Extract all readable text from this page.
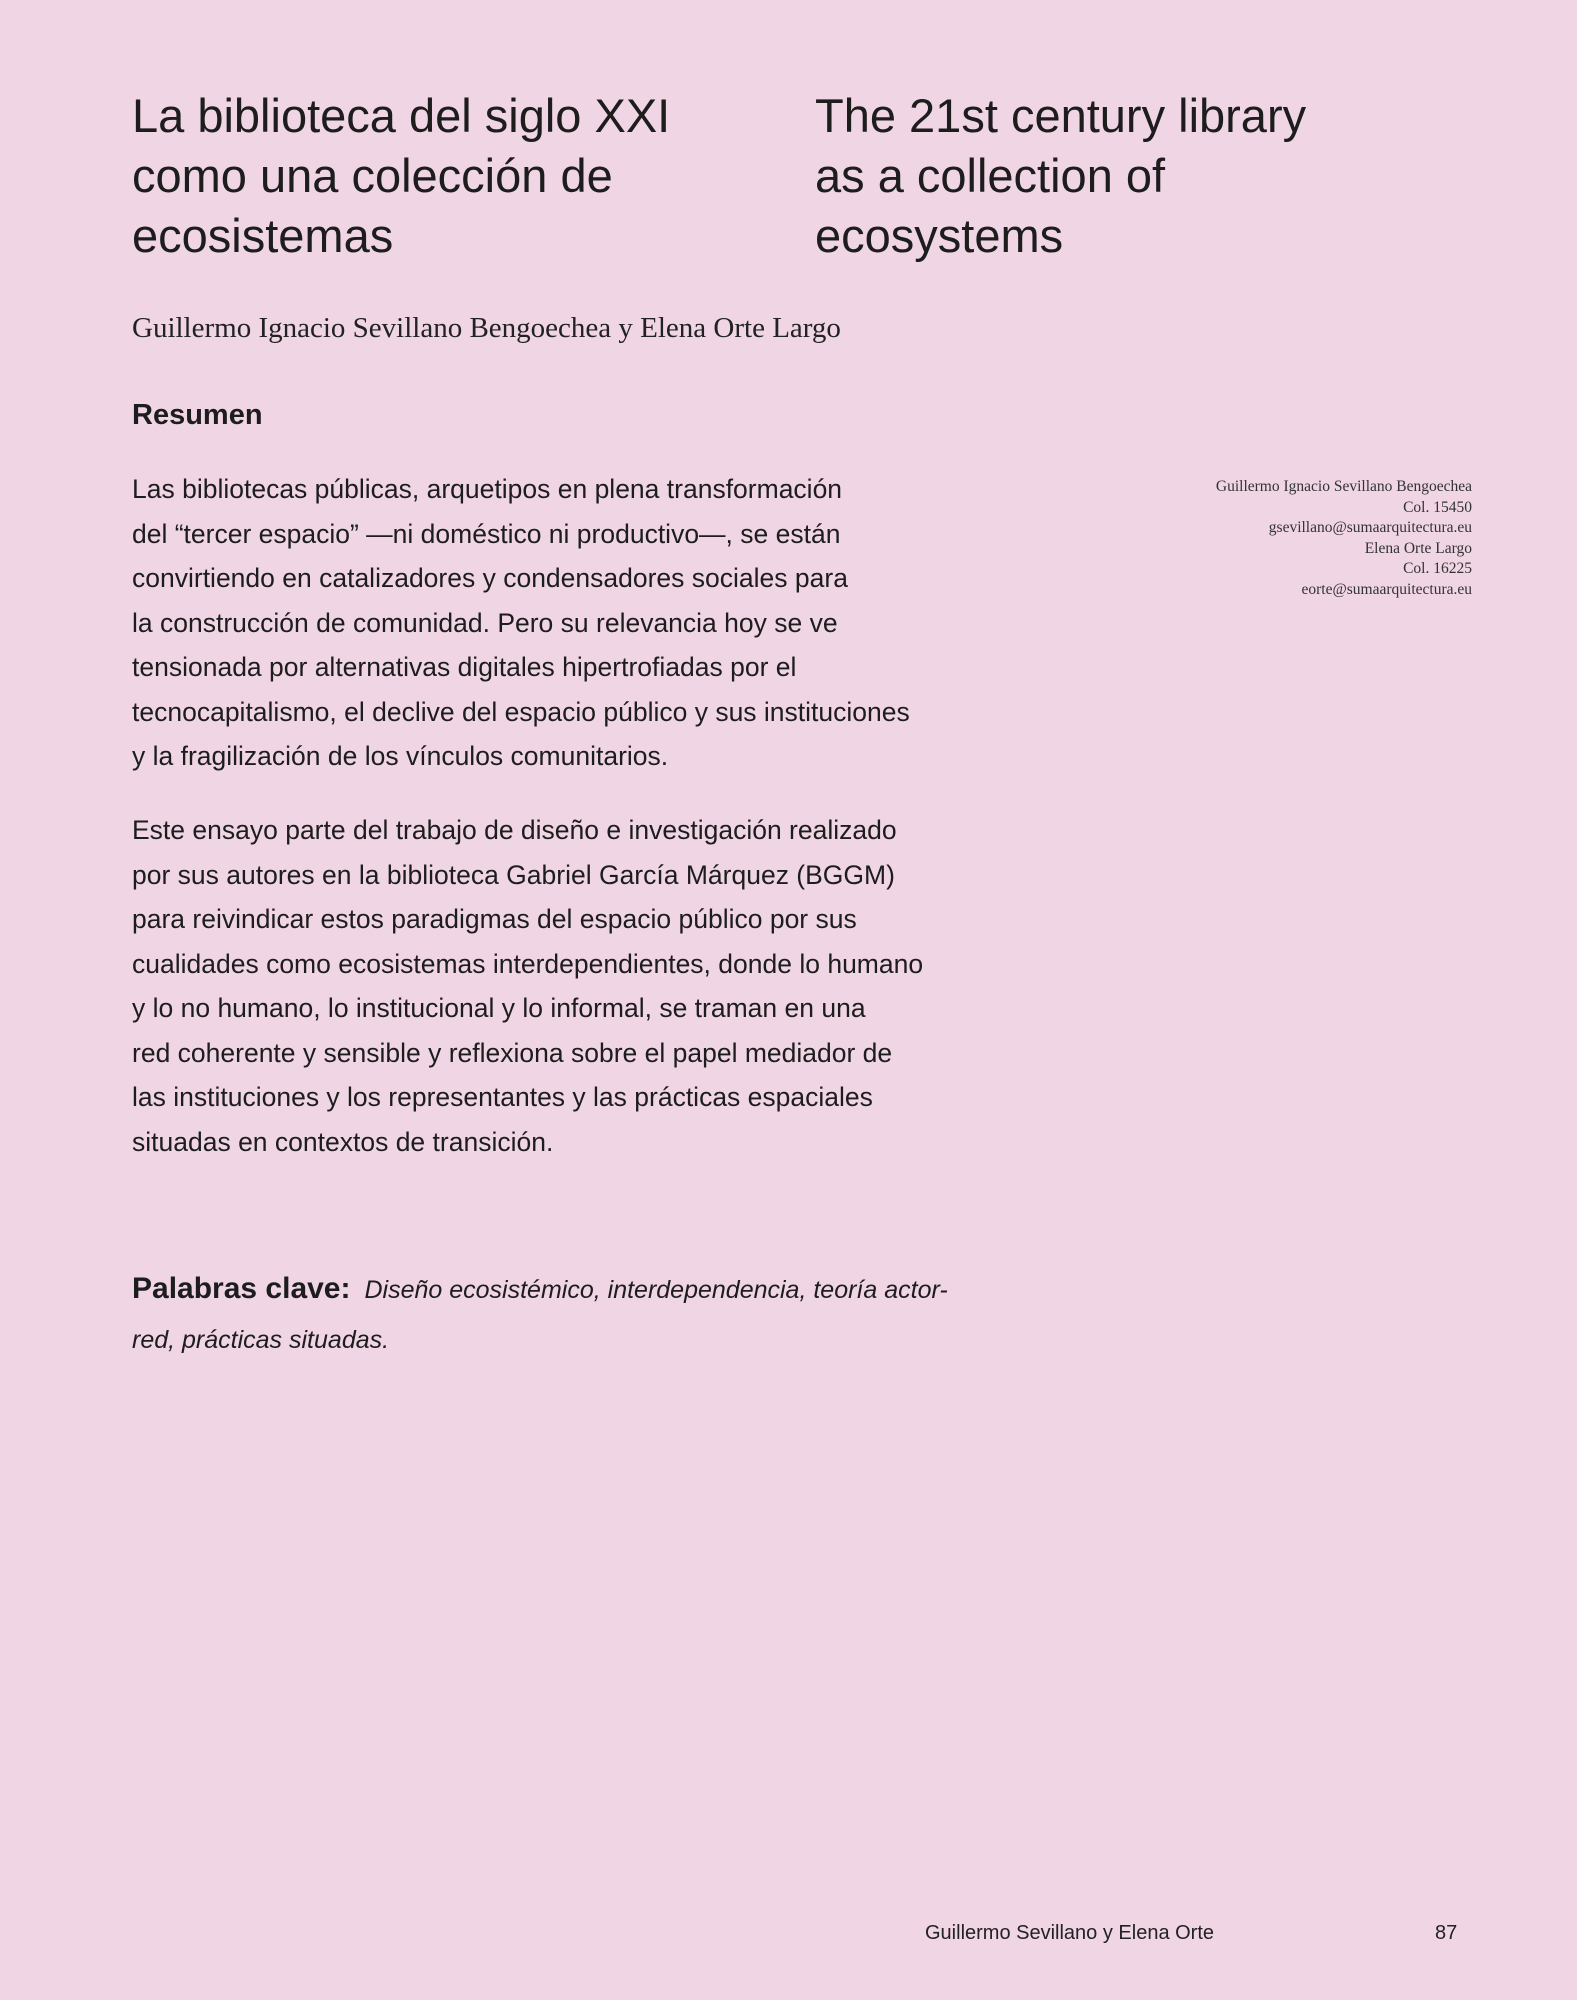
La biblioteca del siglo XXI
como una colección de
ecosistemas
The 21st century library
as a collection of
ecosystems
Guillermo Ignacio Sevillano Bengoechea y Elena Orte Largo
Resumen

Las bibliotecas públicas, arquetipos en plena transformación
del “tercer espacio” —ni doméstico ni productivo—, se están
convirtiendo en catalizadores y condensadores sociales para
la construcción de comunidad. Pero su relevancia hoy se ve
tensionada por alternativas digitales hipertrofiadas por el
tecnocapitalismo, el declive del espacio público y sus instituciones
y la fragilización de los vínculos comunitarios.

Este ensayo parte del trabajo de diseño e investigación realizado
por sus autores en la biblioteca Gabriel García Márquez (BGGM)
para reivindicar estos paradigmas del espacio público por sus
cualidades como ecosistemas interdependientes, donde lo humano
y lo no humano, lo institucional y lo informal, se traman en una
red coherente y sensible y reflexiona sobre el papel mediador de
las instituciones y los representantes y las prácticas espaciales
situadas en contextos de transición.

Palabras clave: Diseño ecosistémico, interdependencia, teoría actor-
red, prácticas situadas.

Guillermo Ignacio Sevillano Bengoechea
Col. 15450
gsevillano@sumaarquitectura.eu
Elena Orte Largo
Col. 16225
eorte@sumaarquitectura.eu
Guillermo Sevillano y Elena Orte	87
